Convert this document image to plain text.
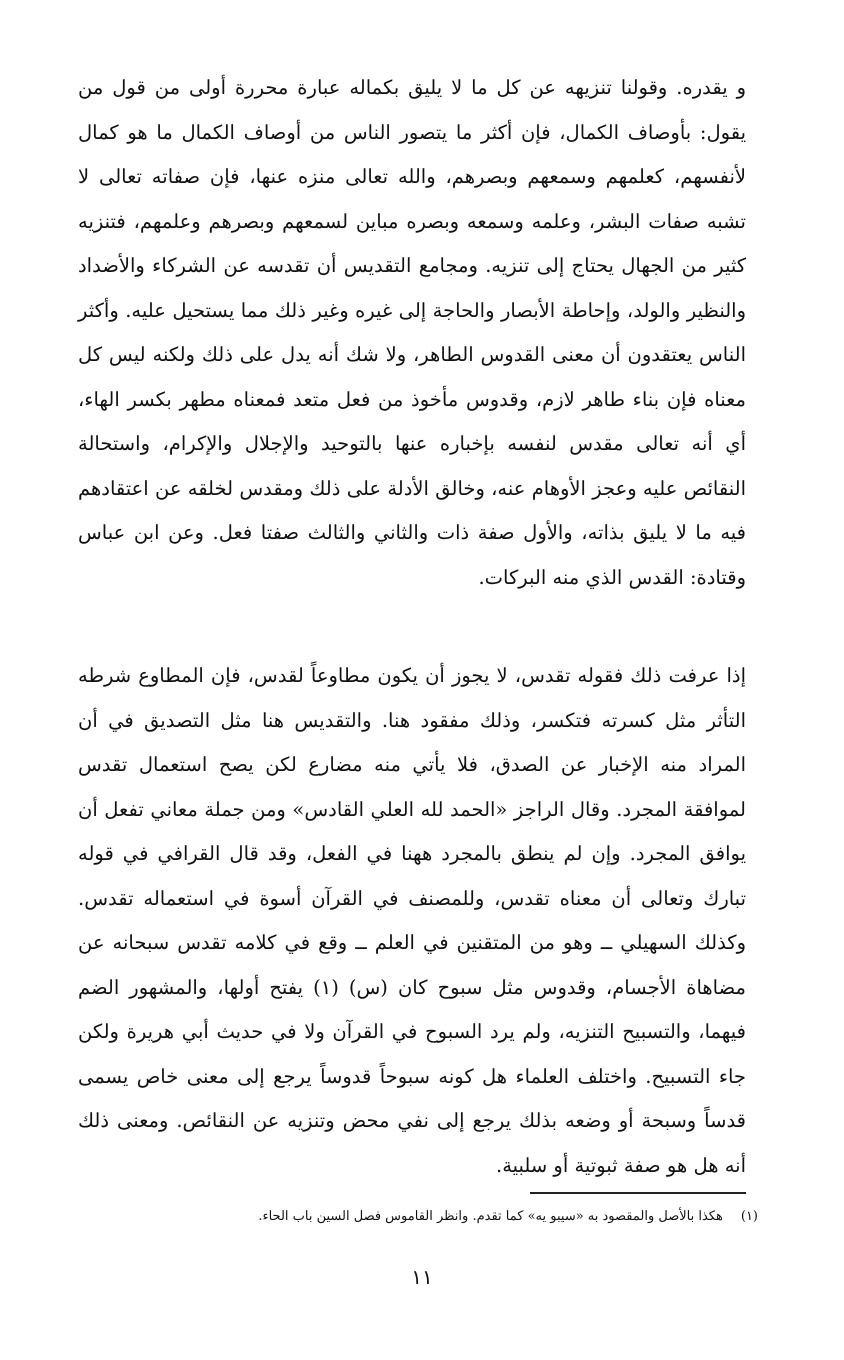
و يقدره. وقولنا تنزيهه عن كل ما لا يليق بكماله عبارة محررة أولى من قول من يقول: بأوصاف الكمال، فإن أكثر ما يتصور الناس من أوصاف الكمال ما هو كمال لأنفسهم، كعلمهم وسمعهم وبصرهم، والله تعالى منزه عنها، فإن صفاته تعالى لا تشبه صفات البشر، وعلمه وسمعه وبصره مباين لسمعهم وبصرهم وعلمهم، فتنزيه كثير من الجهال يحتاج إلى تنزيه. ومجامع التقديس أن تقدسه عن الشركاء والأضداد والنظير والولد، وإحاطة الأبصار والحاجة إلى غيره وغير ذلك مما يستحيل عليه. وأكثر الناس يعتقدون أن معنى القدوس الطاهر، ولا شك أنه يدل على ذلك ولكنه ليس كل معناه فإن بناء طاهر لازم، وقدوس مأخوذ من فعل متعد فمعناه مطهر بكسر الهاء، أي أنه تعالى مقدس لنفسه بإخباره عنها بالتوحيد والإجلال والإكرام، واستحالة النقائص عليه وعجز الأوهام عنه، وخالق الأدلة على ذلك ومقدس لخلقه عن اعتقادهم فيه ما لا يليق بذاته، والأول صفة ذات والثاني والثالث صفتا فعل. وعن ابن عباس وقتادة: القدس الذي منه البركات.

إذا عرفت ذلك فقوله تقدس، لا يجوز أن يكون مطاوعاً لقدس، فإن المطاوع شرطه التأثر مثل كسرته فتكسر، وذلك مفقود هنا. والتقديس هنا مثل التصديق في أن المراد منه الإخبار عن الصدق، فلا يأتي منه مضارع لكن يصح استعمال تقدس لموافقة المجرد. وقال الراجز «الحمد لله العلي القادس» ومن جملة معاني تفعل أن يوافق المجرد. وإن لم ينطق بالمجرد ههنا في الفعل، وقد قال القرافي في قوله تبارك وتعالى أن معناه تقدس، وللمصنف في القرآن أسوة في استعماله تقدس. وكذلك السهيلي ــ وهو من المتقنين في العلم ــ وقع في كلامه تقدس سبحانه عن مضاهاة الأجسام، وقدوس مثل سبوح كان (س) (١) يفتح أولها، والمشهور الضم فيهما، والتسبيح التنزيه، ولم يرد السبوح في القرآن ولا في حديث أبي هريرة ولكن جاء التسبيح. واختلف العلماء هل كونه سبوحاً قدوساً يرجع إلى معنى خاص يسمى قدساً وسبحة أو وضعه بذلك يرجع إلى نفي محض وتنزيه عن النقائص. ومعنى ذلك أنه هل هو صفة ثبوتية أو سلبية.

(١)هكذا بالأصل والمقصود به «سيبو يه» كما تقدم. وانظر القاموس فصل السين باب الحاء.
١١
